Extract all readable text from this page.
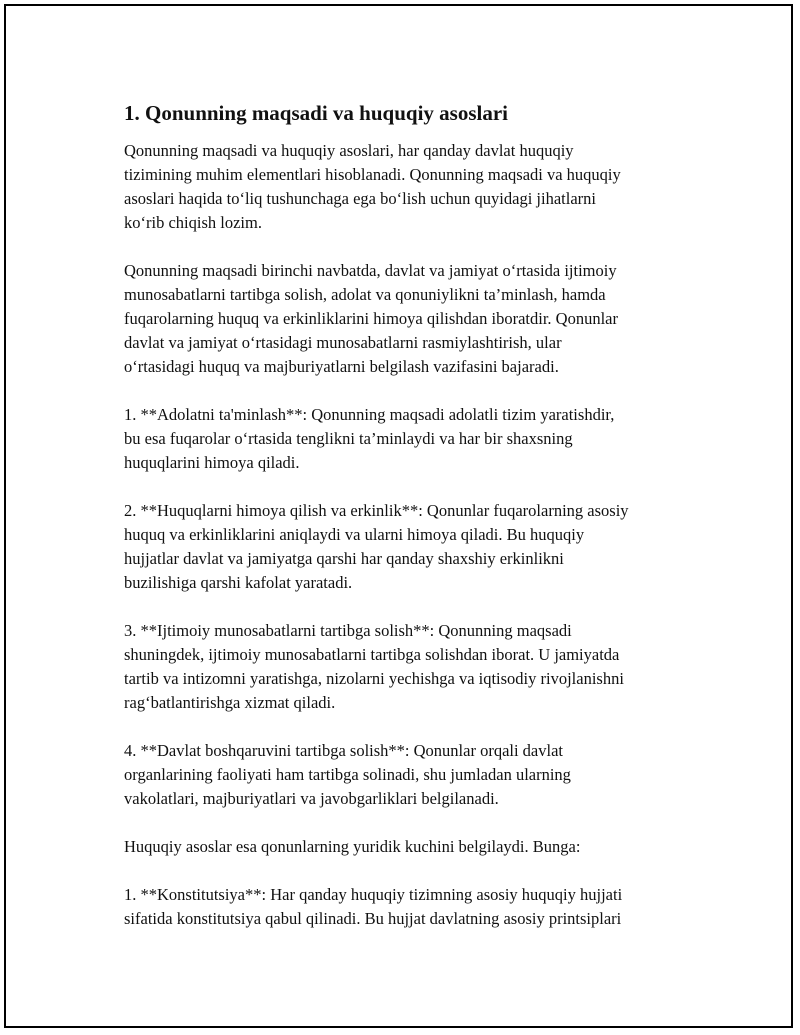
1. Qonunning maqsadi va huquqiy asoslari

Qonunning maqsadi va huquqiy asoslari, har qanday davlat huquqiy
tizimining muhim elementlari hisoblanadi. Qonunning maqsadi va huquqiy
asoslari haqida to‘liq tushunchaga ega bo‘lish uchun quyidagi jihatlarni
ko‘rib chiqish lozim.

Qonunning maqsadi birinchi navbatda, davlat va jamiyat o‘rtasida ijtimoiy
munosabatlarni tartibga solish, adolat va qonuniylikni ta’minlash, hamda
fuqarolarning huquq va erkinliklarini himoya qilishdan iboratdir. Qonunlar
davlat va jamiyat o‘rtasidagi munosabatlarni rasmiylashtirish, ular
o‘rtasidagi huquq va majburiyatlarni belgilash vazifasini bajaradi.

1. **Adolatni ta'minlash**: Qonunning maqsadi adolatli tizim yaratishdir,
bu esa fuqarolar o‘rtasida tenglikni ta’minlaydi va har bir shaxsning
huquqlarini himoya qiladi.

2. **Huquqlarni himoya qilish va erkinlik**: Qonunlar fuqarolarning asosiy
huquq va erkinliklarini aniqlaydi va ularni himoya qiladi. Bu huquqiy
hujjatlar davlat va jamiyatga qarshi har qanday shaxshiy erkinlikni
buzilishiga qarshi kafolat yaratadi.

3. **Ijtimoiy munosabatlarni tartibga solish**: Qonunning maqsadi
shuningdek, ijtimoiy munosabatlarni tartibga solishdan iborat. U jamiyatda
tartib va intizomni yaratishga, nizolarni yechishga va iqtisodiy rivojlanishni
rag‘batlantirishga xizmat qiladi.

4. **Davlat boshqaruvini tartibga solish**: Qonunlar orqali davlat
organlarining faoliyati ham tartibga solinadi, shu jumladan ularning
vakolatlari, majburiyatlari va javobgarliklari belgilanadi.

Huquqiy asoslar esa qonunlarning yuridik kuchini belgilaydi. Bunga:

1. **Konstitutsiya**: Har qanday huquqiy tizimning asosiy huquqiy hujjati
sifatida konstitutsiya qabul qilinadi. Bu hujjat davlatning asosiy printsiplari
